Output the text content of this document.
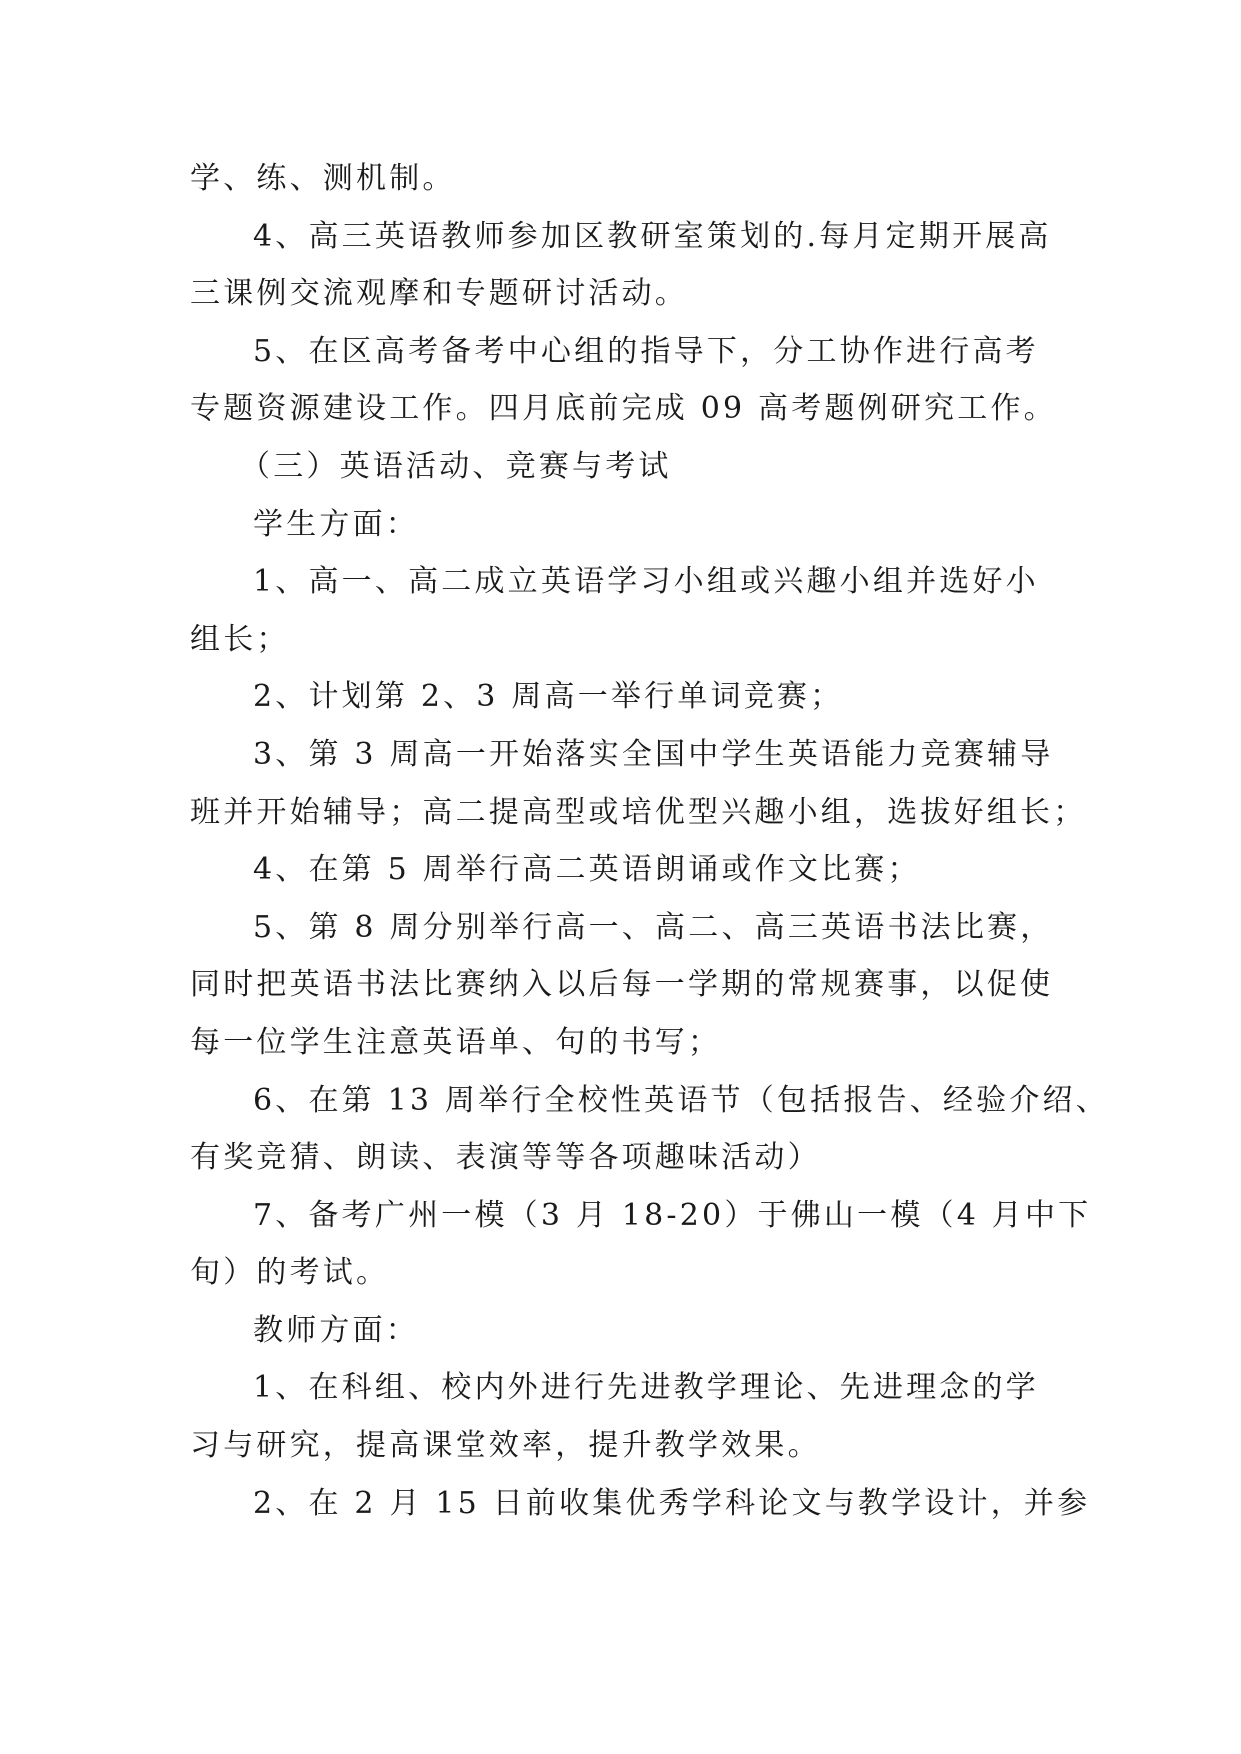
学、练、测机制。
4、高三英语教师参加区教研室策划的.每月定期开展高
三课例交流观摩和专题研讨活动。
5、在区高考备考中心组的指导下，分工协作进行高考
专题资源建设工作。四月底前完成 09 高考题例研究工作。
（三）英语活动、竞赛与考试
学生方面：
1、高一、高二成立英语学习小组或兴趣小组并选好小
组长；
2、计划第 2、3 周高一举行单词竞赛；
3、第 3 周高一开始落实全国中学生英语能力竞赛辅导
班并开始辅导；高二提高型或培优型兴趣小组，选拔好组长；
4、在第 5 周举行高二英语朗诵或作文比赛；
5、第 8 周分别举行高一、高二、高三英语书法比赛，
同时把英语书法比赛纳入以后每一学期的常规赛事，以促使
每一位学生注意英语单、句的书写；
6、在第 13 周举行全校性英语节（包括报告、经验介绍、
有奖竞猜、朗读、表演等等各项趣味活动）
7、备考广州一模（3 月 18-20）于佛山一模（4 月中下
旬）的考试。
教师方面：
1、在科组、校内外进行先进教学理论、先进理念的学
习与研究，提高课堂效率，提升教学效果。
2、在 2 月 15 日前收集优秀学科论文与教学设计，并参
